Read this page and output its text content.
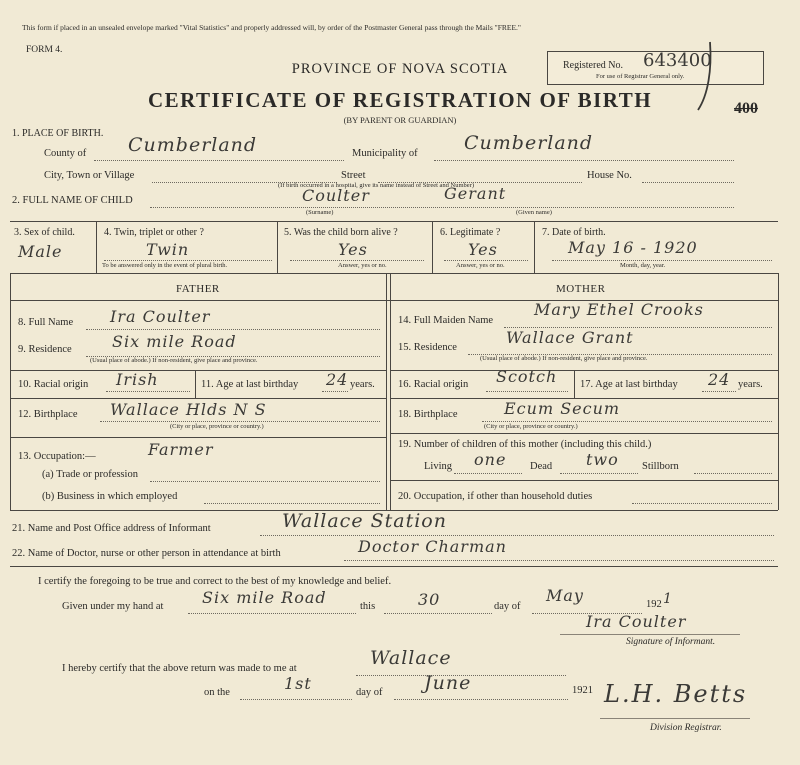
This form if placed in an unsealed envelope marked "Vital Statistics" and properly addressed will, by order of the Postmaster General pass through the Mails "FREE."
FORM 4.
Registered No. 643400
For use of Registrar General only.
400
PROVINCE OF NOVA SCOTIA
CERTIFICATE OF REGISTRATION OF BIRTH
(BY PARENT OR GUARDIAN)
1. PLACE OF BIRTH.
County of Cumberland	Municipality of Cumberland
City, Town or Village	Street	House No.
(If birth occurred in a hospital, give its name instead of Street and Number)
2. FULL NAME OF CHILD	Coulter	Gerant
(Surname)	(Given name)
3. Sex of child.
Male
4. Twin, triplet or other ?
Twin
To be answered only in the event of plural birth.
5. Was the child born alive ?
Yes
Answer, yes or no.
6. Legitimate ?
Yes
Answer, yes or no.
7. Date of birth.
May 16 - 1920
Month, day, year.
FATHER	MOTHER
8. Full Name Ira Coulter
9. Residence	Six mile Road
(Usual place of abode.) If non-resident, give place and province.
10. Racial origin Irish	11. Age at last birthday 24 years.
12. Birthplace Wallace Hlds N S
(City or place, province or country.)
13. Occupation:—	Farmer
(a) Trade or profession
(b) Business in which employed
14. Full Maiden Name
Mary Ethel Crooks
15. Residence
Wallace Grant
(Usual place of abode.) If non-resident, give place and province.
16. Racial origin Scotch 17. Age at last birthday 24 years.
18. Birthplace	Ecum Secum
(City or place, province or country.)
19. Number of children of this mother (including this child.)
Living one Dead two Stillborn
20. Occupation, if other than household duties
21. Name and Post Office address of Informant	Wallace Station
22. Name of Doctor, nurse or other person in attendance at birth	Doctor Charman
I certify the foregoing to be true and correct to the best of my knowledge and belief.
Given under my hand at Six mile Road	this	30	day of
May	192 1
Ira Coulter
Signature of Informant.
I hereby certify that the above return was made to me at	Wallace
on the	1st	day of June	1921 L.H. Betts
Division Registrar.
